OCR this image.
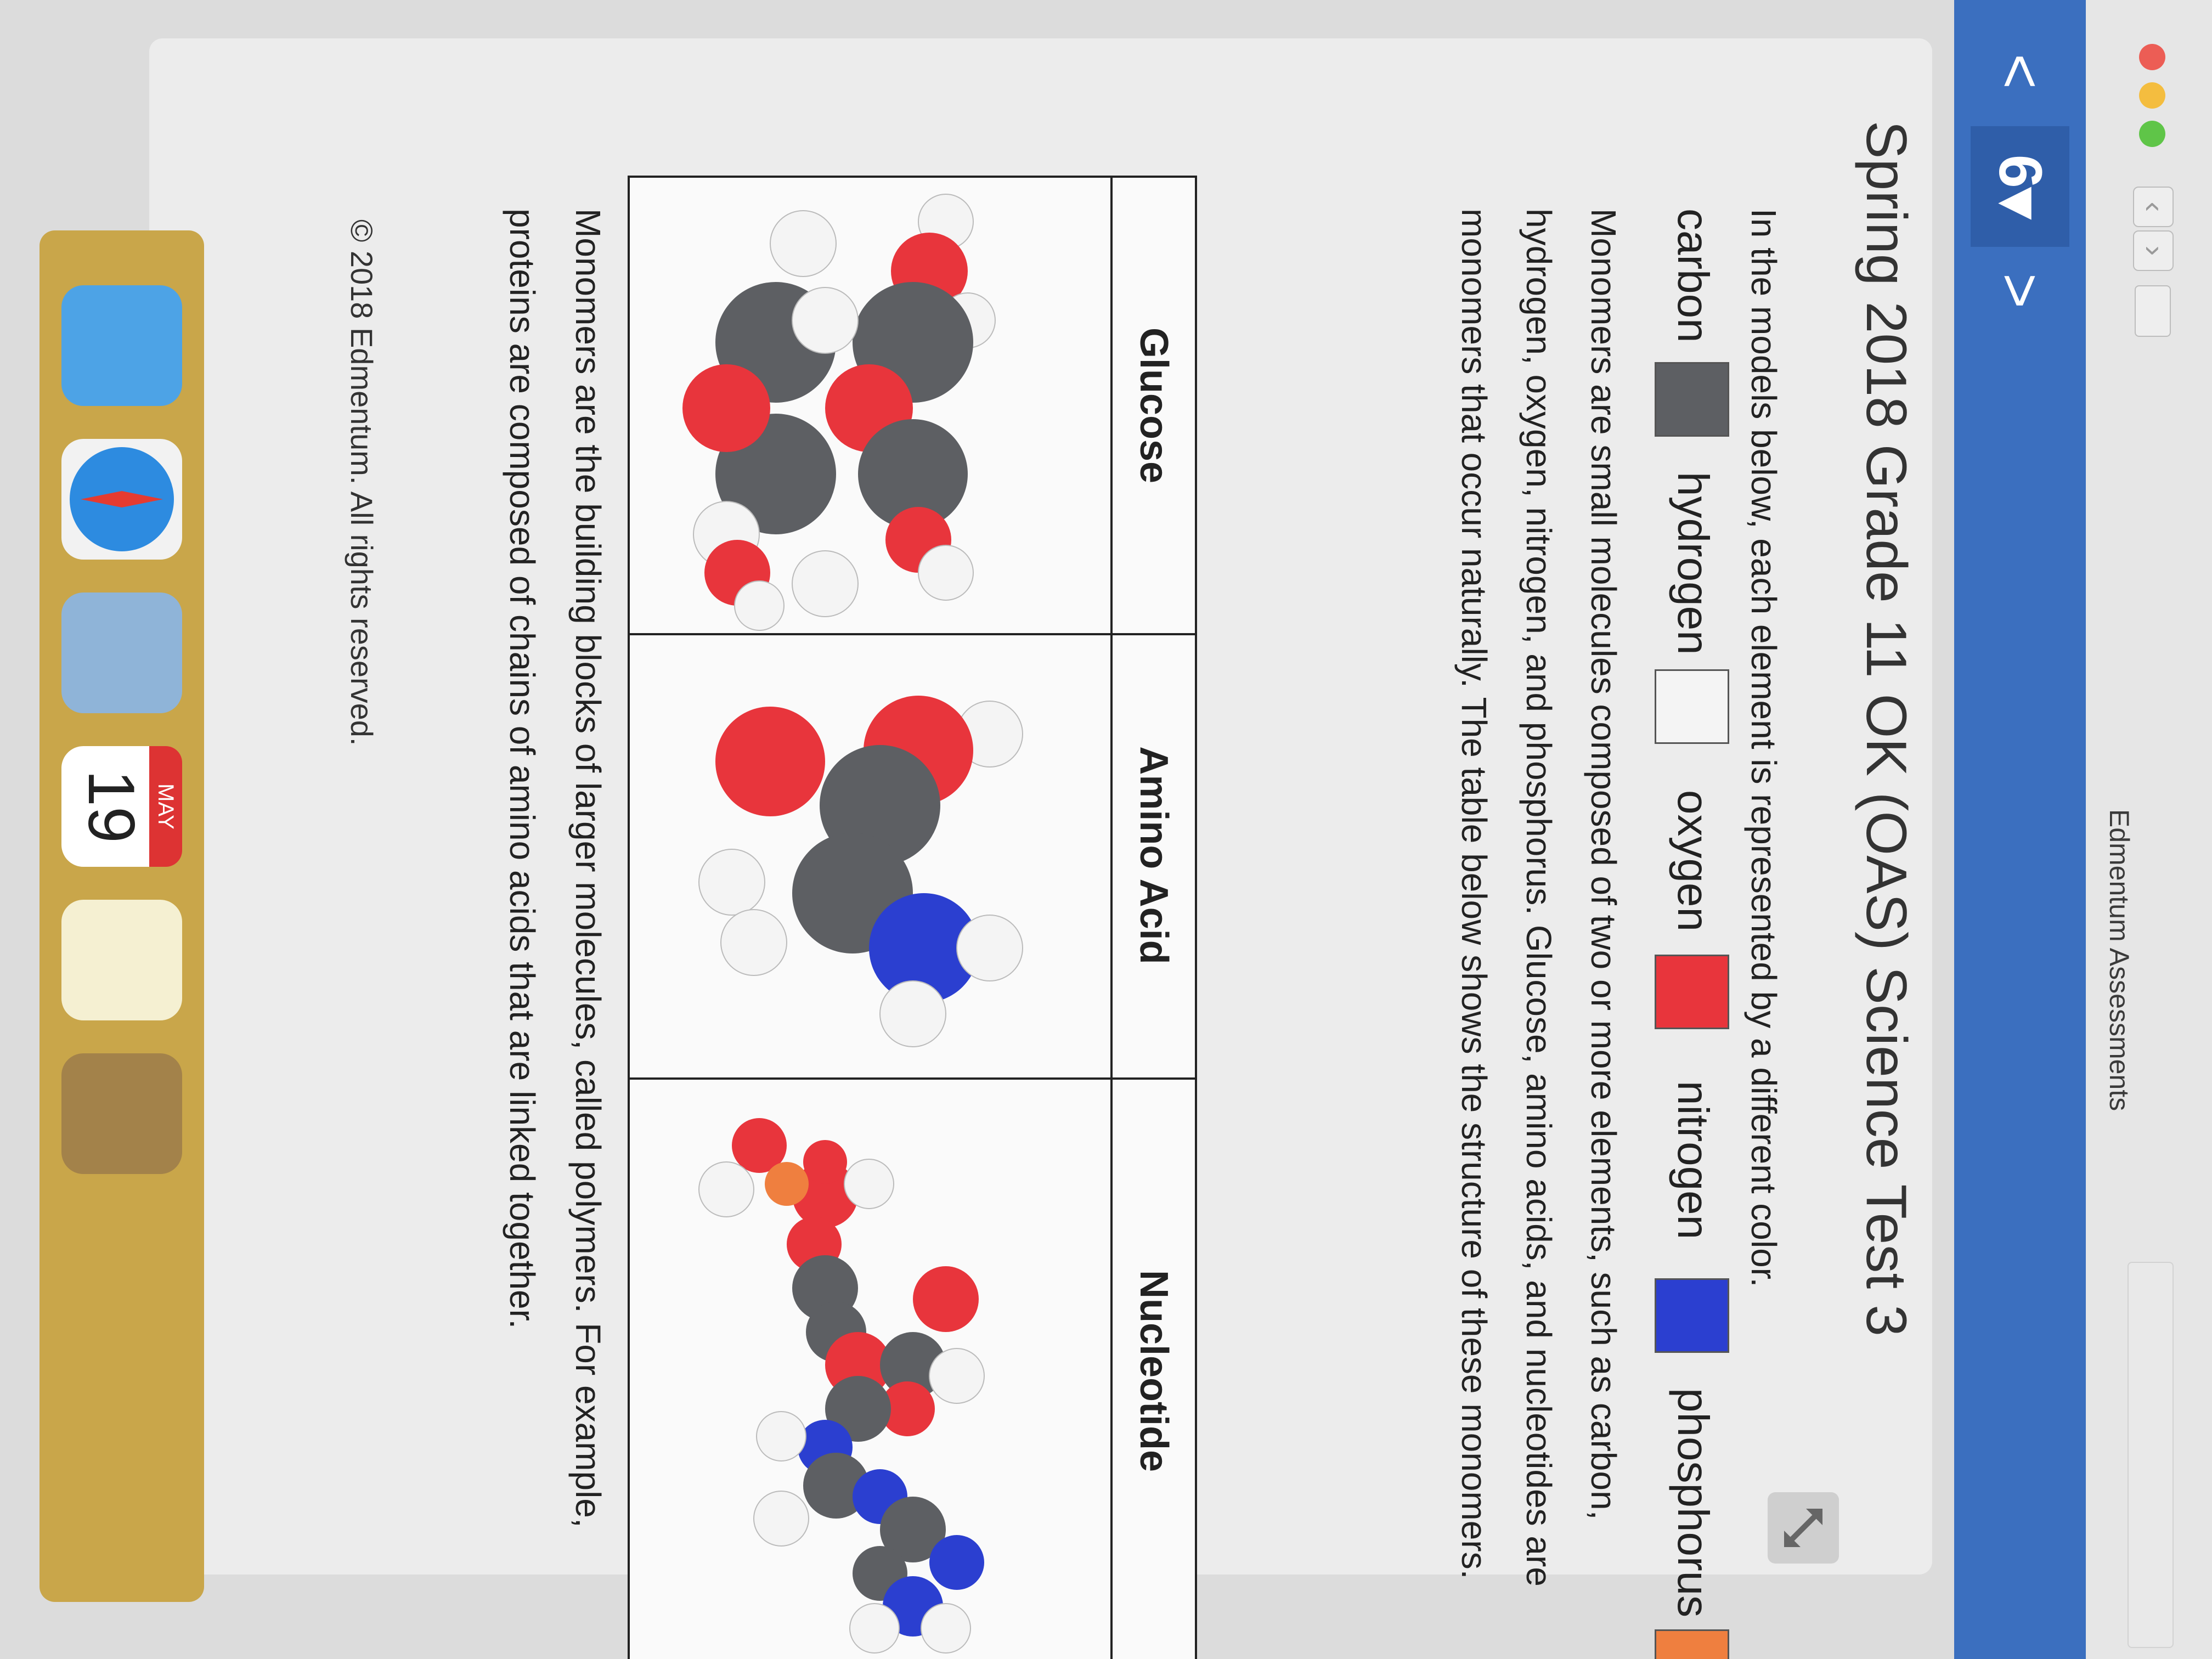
‹
›
Edmentum Assessments
<
6▾
>
Spring 2018 Grade 11 OK (OAS) Science Test 3
In the models below, each element is represented by a different color.
carbon
hydrogen
oxygen
nitrogen
phosphorus
Monomers are small molecules composed of two or more elements, such as carbon, hydrogen, oxygen, nitrogen, and phosphorus. Glucose, amino acids, and nucleotides are monomers that occur naturally. The table below shows the structure of these monomers.
Glucose
Amino Acid
Nucleotide
Monomers are the building blocks of larger molecules, called polymers. For example, proteins are composed of chains of amino acids that are linked together.
© 2018 Edmentum. All rights reserved.
MAY
19
